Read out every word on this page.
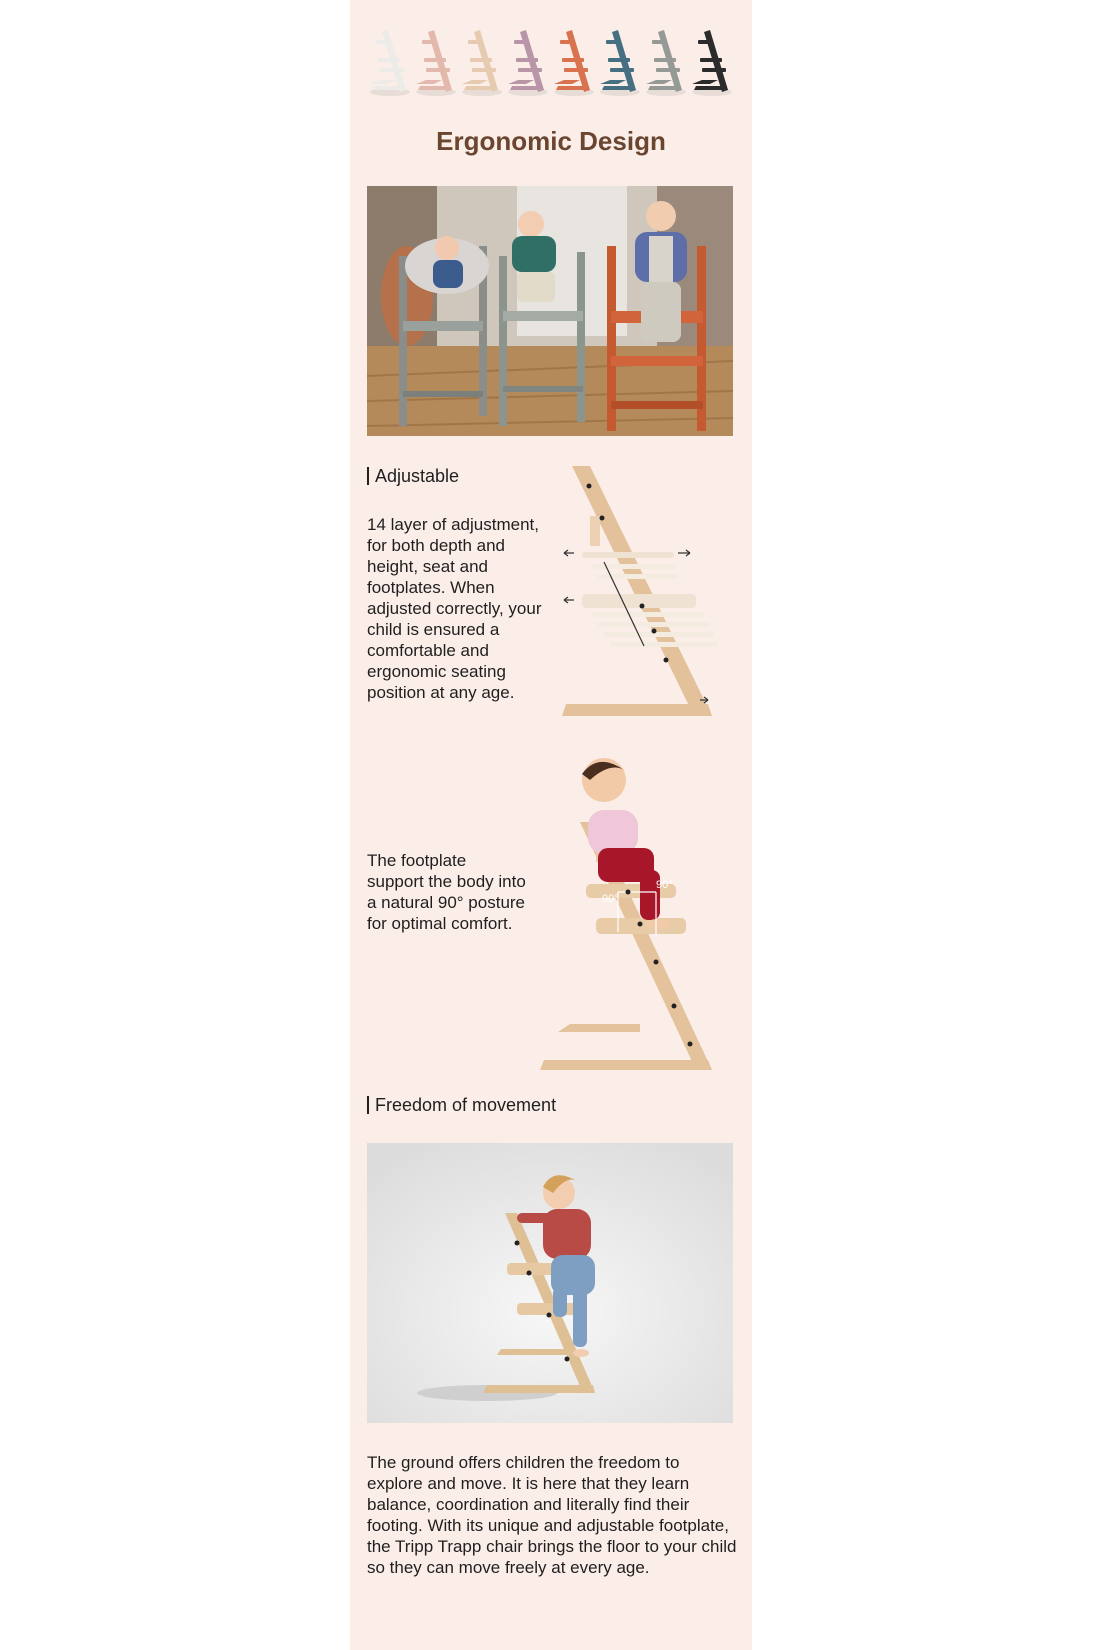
Ergonomic Design
Adjustable

14 layer of adjustment, for both depth and height, seat and footplates. When adjusted correctly, your child is ensured a comfortable and ergonomic seating position at any age.

The footplate support the body into a natural 90° posture for optimal comfort.

90°
90°
Freedom of movement

The ground offers children the freedom to explore and move. It is here that they learn balance, coordination and literally find their footing. With its unique and adjustable footplate, the Tripp Trapp chair brings the floor to your child so they can move freely at every age.
